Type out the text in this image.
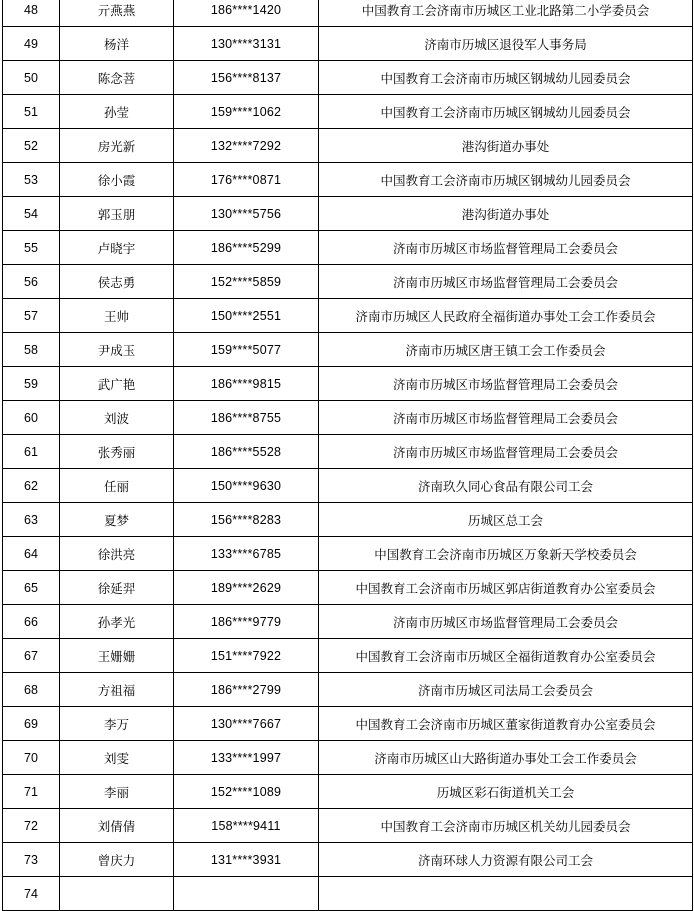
48	亓燕燕	186****1420	中国教育工会济南市历城区工业北路第二小学委员会
49	杨洋	130****3131	济南市历城区退役军人事务局
50	陈念菩	156****8137	中国教育工会济南市历城区钢城幼儿园委员会
51	孙莹	159****1062	中国教育工会济南市历城区钢城幼儿园委员会
52	房光新	132****7292	港沟街道办事处
53	徐小霞	176****0871	中国教育工会济南市历城区钢城幼儿园委员会
54	郭玉朋	130****5756	港沟街道办事处
55	卢晓宇	186****5299	济南市历城区市场监督管理局工会委员会
56	侯志勇	152****5859	济南市历城区市场监督管理局工会委员会
57	王帅	150****2551	济南市历城区人民政府全福街道办事处工会工作委员会
58	尹成玉	159****5077	济南市历城区唐王镇工会工作委员会
59	武广艳	186****9815	济南市历城区市场监督管理局工会委员会
60	刘波	186****8755	济南市历城区市场监督管理局工会委员会
61	张秀丽	186****5528	济南市历城区市场监督管理局工会委员会
62	任丽	150****9630	济南玖久同心食品有限公司工会
63	夏梦	156****8283	历城区总工会
64	徐洪亮	133****6785	中国教育工会济南市历城区万象新天学校委员会
65	徐延羿	189****2629	中国教育工会济南市历城区郭店街道教育办公室委员会
66	孙孝光	186****9779	济南市历城区市场监督管理局工会委员会
67	王姗姗	151****7922	中国教育工会济南市历城区全福街道教育办公室委员会
68	方祖福	186****2799	济南市历城区司法局工会委员会
69	李万	130****7667	中国教育工会济南市历城区董家街道教育办公室委员会
70	刘雯	133****1997	济南市历城区山大路街道办事处工会工作委员会
71	李丽	152****1089	历城区彩石街道机关工会
72	刘倩倩	158****9411	中国教育工会济南市历城区机关幼儿园委员会
73	曾庆力	131****3931	济南环球人力资源有限公司工会
74			
